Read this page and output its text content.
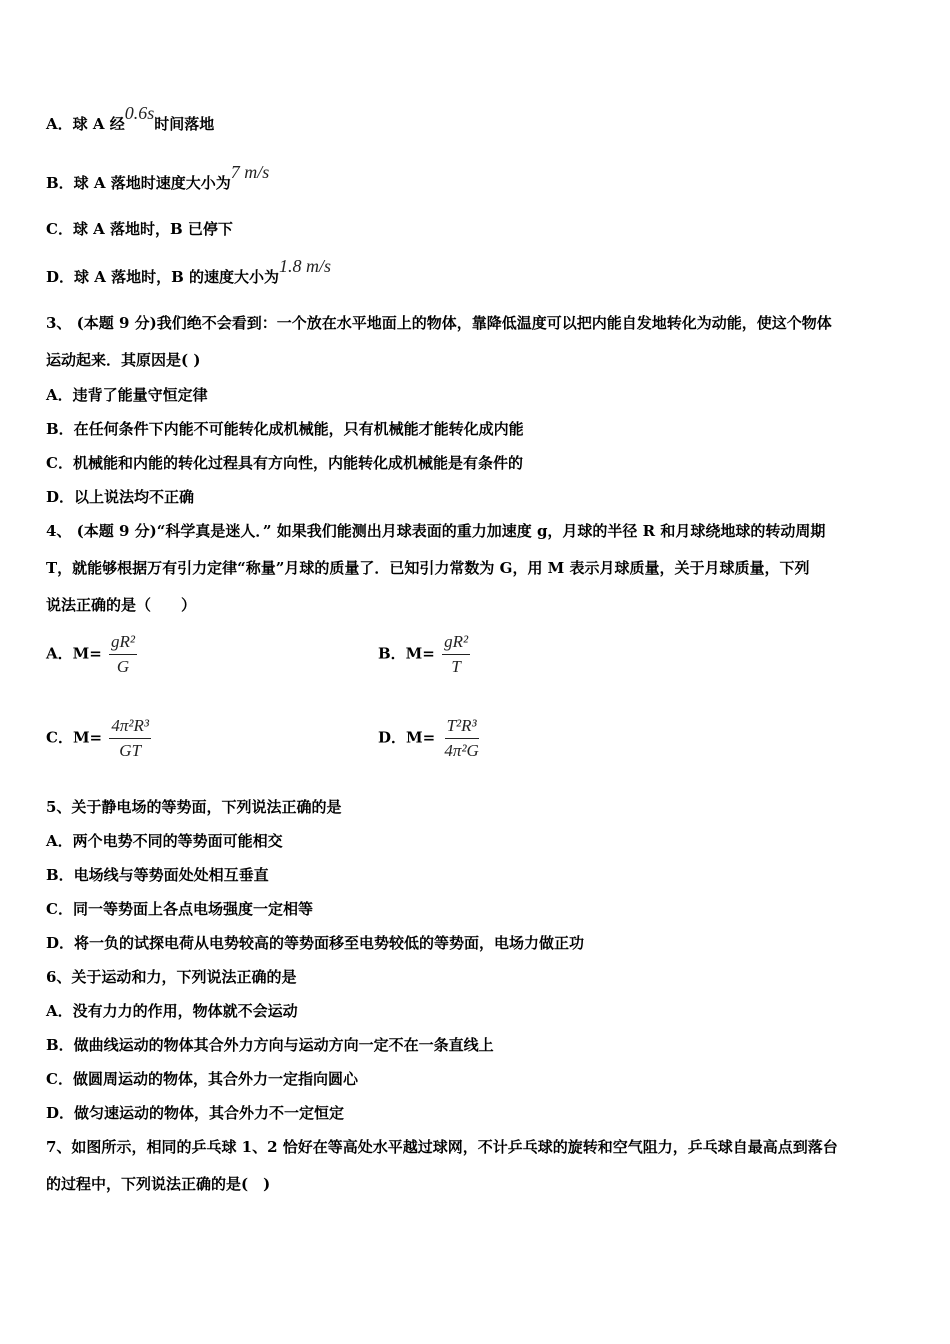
A．球 A 经0.6s时间落地
B．球 A 落地时速度大小为7 m/s
C．球 A 落地时，B 已停下
D．球 A 落地时，B 的速度大小为1.8 m/s
3、 (本题 9 分)我们绝不会看到：一个放在水平地面上的物体，靠降低温度可以把内能自发地转化为动能，使这个物体
运动起来．其原因是( )
A．违背了能量守恒定律
B．在任何条件下内能不可能转化成机械能，只有机械能才能转化成内能
C．机械能和内能的转化过程具有方向性，内能转化成机械能是有条件的
D．以上说法均不正确
4、 (本题 9 分)“科学真是迷人．” 如果我们能测出月球表面的重力加速度 g，月球的半径 R 和月球绕地球的转动周期
T，就能够根据万有引力定律“称量”月球的质量了．已知引力常数为 G，用 M 表示月球质量，关于月球质量，下列
说法正确的是（　　）
A．$M= \frac{\text{gR²}}{G}$	B．$M= \frac{\text{gR²}}{T}$
C．$M= \frac{\text{4π²R³}}{GT}$	D．$M= \frac{\text{T²R³}}{\text{4π²G}}$
5、关于静电场的等势面，下列说法正确的是
A．两个电势不同的等势面可能相交
B．电场线与等势面处处相互垂直
C．同一等势面上各点电场强度一定相等
D．将一负的试探电荷从电势较高的等势面移至电势较低的等势面，电场力做正功
6、关于运动和力，下列说法正确的是
A．没有力力的作用，物体就不会运动
B．做曲线运动的物体其合外力方向与运动方向一定不在一条直线上
C．做圆周运动的物体，其合外力一定指向圆心
D．做匀速运动的物体，其合外力不一定恒定
7、如图所示，相同的乒乓球 1、2 恰好在等高处水平越过球网，不计乒乓球的旋转和空气阻力，乒乓球自最高点到落台
的过程中，下列说法正确的是(　)
